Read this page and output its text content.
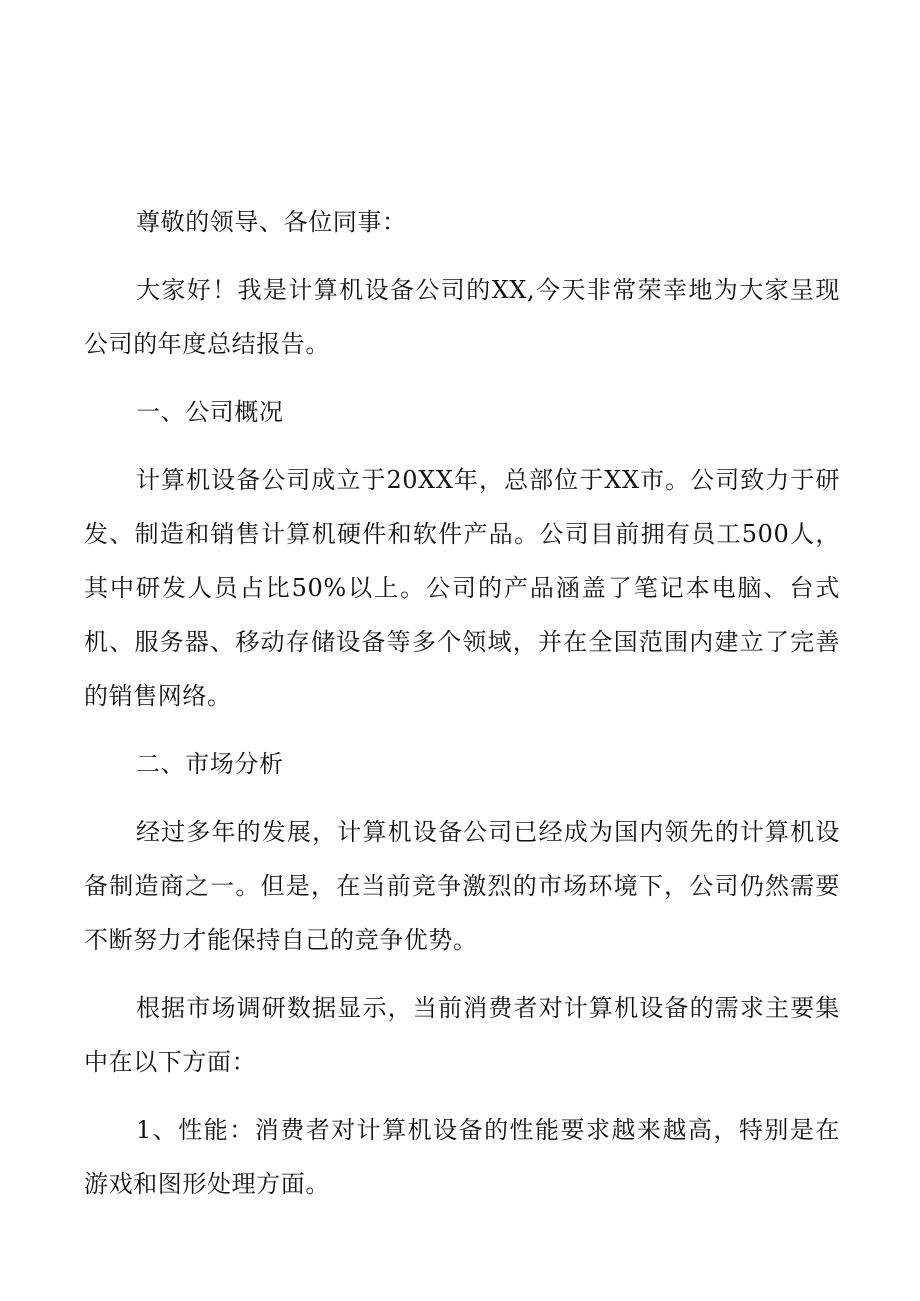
尊敬的领导、各位同事：

大家好！我是计算机设备公司的XX,今天非常荣幸地为大家呈现公司的年度总结报告。

一、公司概况

计算机设备公司成立于20XX年，总部位于XX市。公司致力于研发、制造和销售计算机硬件和软件产品。公司目前拥有员工500人，其中研发人员占比50%以上。公司的产品涵盖了笔记本电脑、台式机、服务器、移动存储设备等多个领域，并在全国范围内建立了完善的销售网络。

二、市场分析

经过多年的发展，计算机设备公司已经成为国内领先的计算机设备制造商之一。但是，在当前竞争激烈的市场环境下，公司仍然需要不断努力才能保持自己的竞争优势。

根据市场调研数据显示，当前消费者对计算机设备的需求主要集中在以下方面：

1、性能：消费者对计算机设备的性能要求越来越高，特别是在游戏和图形处理方面。
